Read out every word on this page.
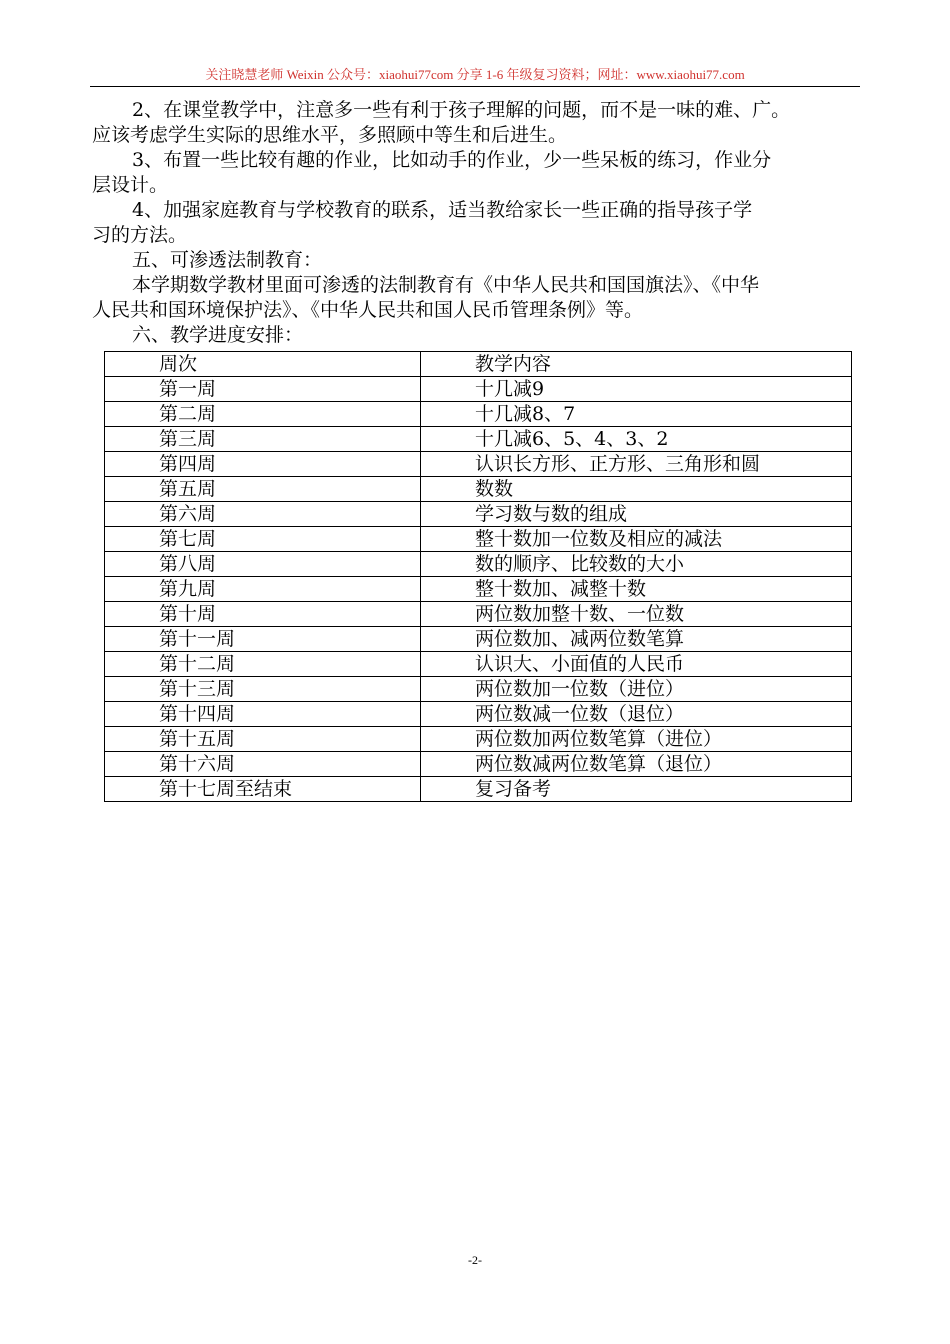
关注晓慧老师 Weixin 公众号：xiaohui77com 分享 1-6 年级复习资料；网址：www.xiaohui77.com

2、在课堂教学中，注意多一些有利于孩子理解的问题，而不是一味的难、广。
应该考虑学生实际的思维水平，多照顾中等生和后进生。

3、布置一些比较有趣的作业，比如动手的作业，少一些呆板的练习，作业分
层设计。

4、加强家庭教育与学校教育的联系，适当教给家长一些正确的指导孩子学
习的方法。

五、可渗透法制教育：

本学期数学教材里面可渗透的法制教育有《中华人民共和国国旗法》、《中华
人民共和国环境保护法》、《中华人民共和国人民币管理条例》等。

六、教学进度安排：

周次	教学内容
第一周	十几减9
第二周	十几减8、7
第三周	十几减6、5、4、3、2
第四周	认识长方形、正方形、三角形和圆
第五周	数数
第六周	学习数与数的组成
第七周	整十数加一位数及相应的减法
第八周	数的顺序、比较数的大小
第九周	整十数加、减整十数
第十周	两位数加整十数、一位数
第十一周	两位数加、减两位数笔算
第十二周	认识大、小面值的人民币
第十三周	两位数加一位数（进位）
第十四周	两位数减一位数（退位）
第十五周	两位数加两位数笔算（进位）
第十六周	两位数减两位数笔算（退位）
第十七周至结束	复习备考
-2-
